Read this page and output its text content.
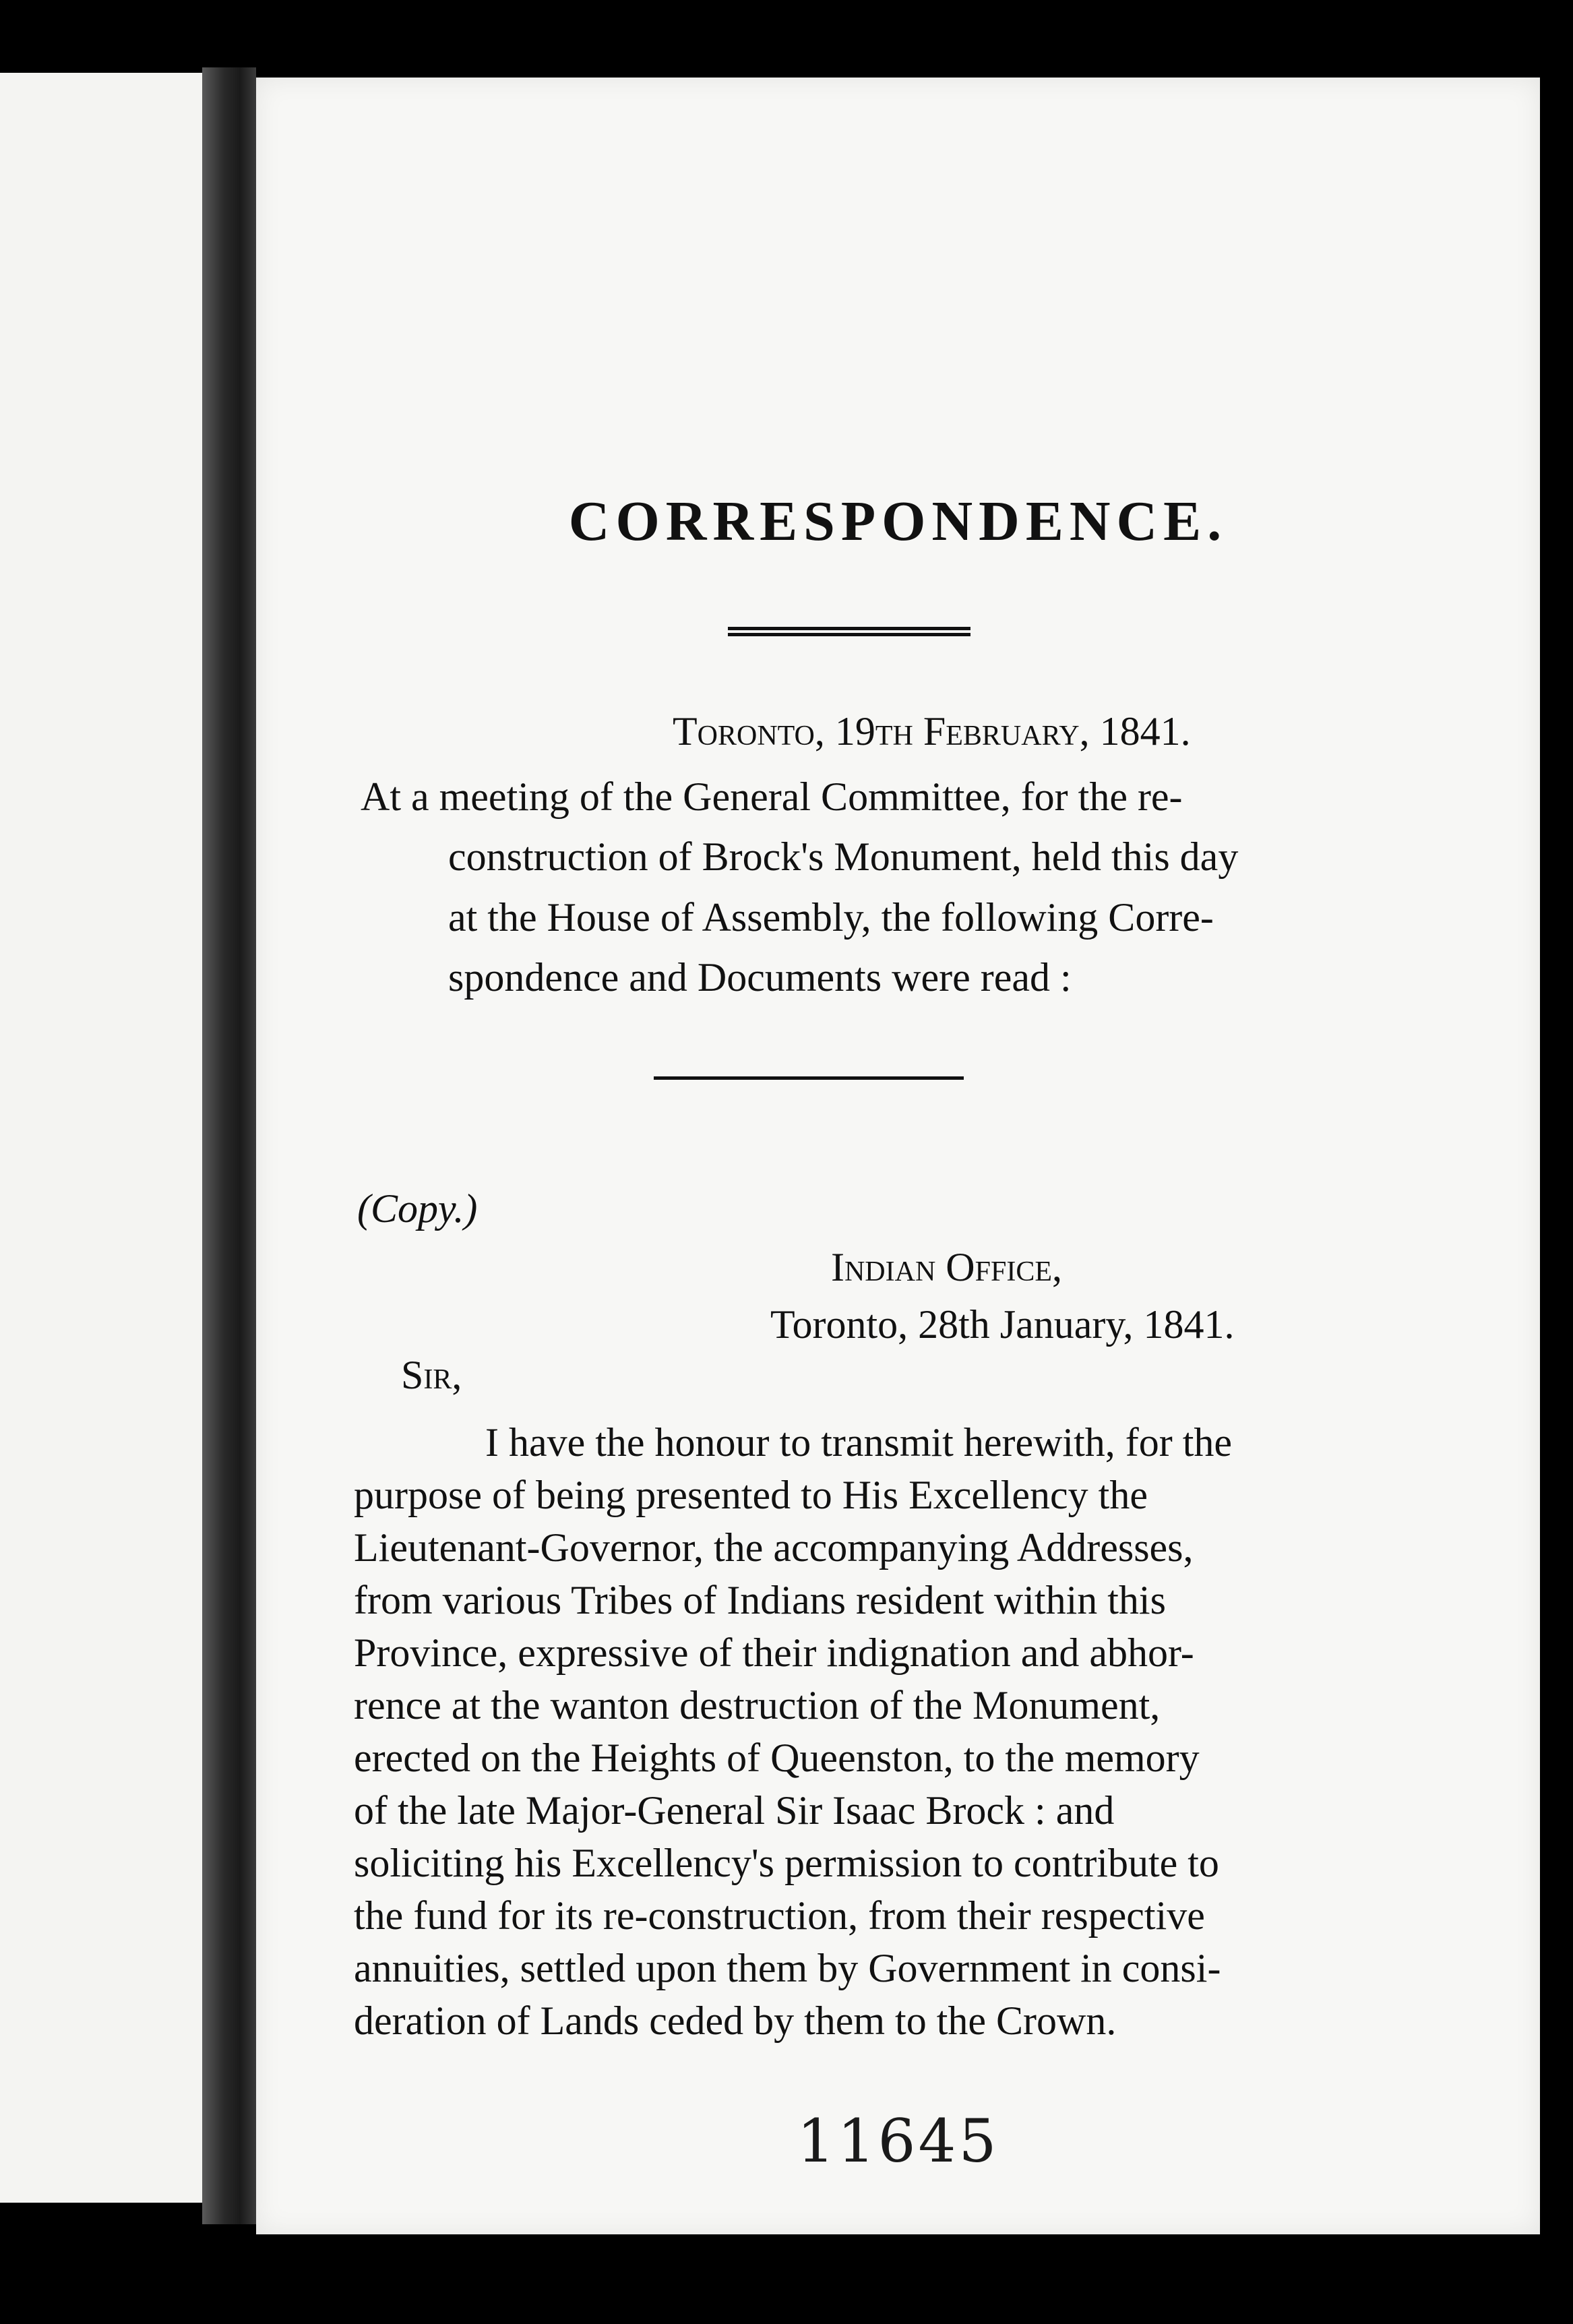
CORRESPONDENCE.
Toronto, 19th February, 1841.
At a meeting of the General Committee, for the re-
construction of Brock's Monument, held this day
at the House of Assembly, the following Corre-
spondence and Documents were read :
(Copy.)
Indian Office,
Toronto, 28th January, 1841.
Sir,
I have the honour to transmit herewith, for the
purpose of being presented to His Excellency the
Lieutenant-Governor, the accompanying Addresses,
from various Tribes of Indians resident within this
Province, expressive of their indignation and abhor-
rence at the wanton destruction of the Monument,
erected on the Heights of Queenston, to the memory
of the late Major-General Sir Isaac Brock : and
soliciting his Excellency's permission to contribute to
the fund for its re-construction, from their respective
annuities, settled upon them by Government in consi-
deration of Lands ceded by them to the Crown.
11645
